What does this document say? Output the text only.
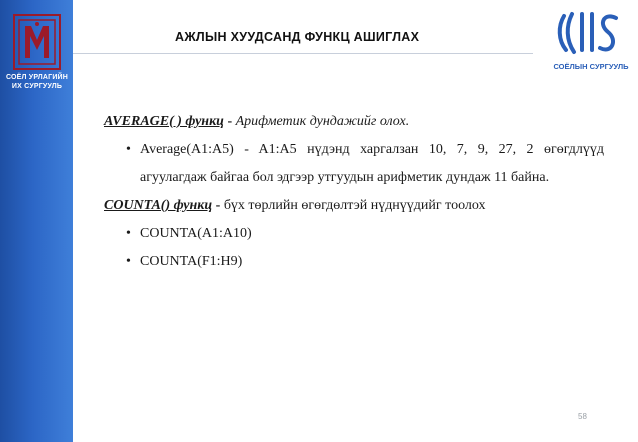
СОЁЛ УРЛАГИЙН
ИХ СУРГУУЛЬ
АЖЛЫН ХУУДСАНД ФУНКЦ АШИГЛАХ
СОЁЛЫН СУРГУУЛЬ

AVERAGE( ) функц - Арифметик дундажийг олох.

• Average(A1:A5) - A1:A5 нүдэнд харгалзан 10, 7, 9, 27, 2 өгөгдлүүд агуулагдаж байгаа бол эдгээр утгуудын арифметик дундаж 11 байна.

COUNTA() функц - бүх төрлийн өгөгдөлтэй нүднүүдийг тоолох

• COUNTA(A1:A10)
• COUNTA(F1:H9)
58
